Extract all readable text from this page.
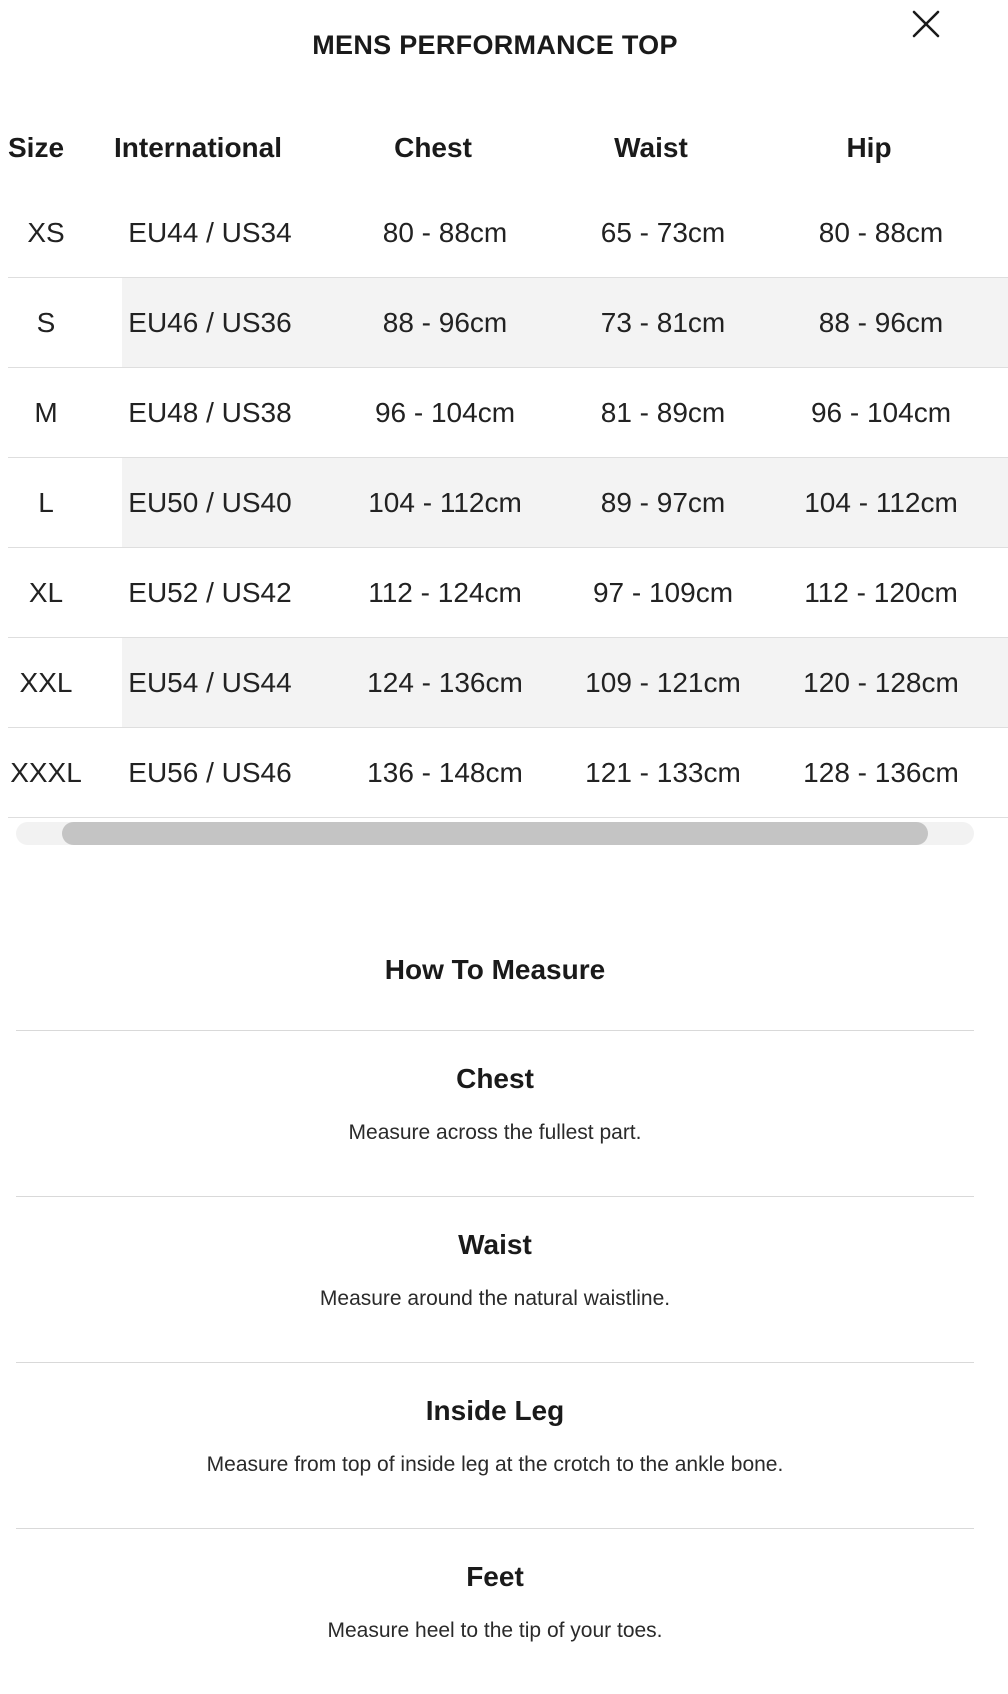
MENS PERFORMANCE TOP
Size	International	Chest	Waist	Hip
XS	EU44 / US34	80 - 88cm	65 - 73cm	80 - 88cm
S	EU46 / US36	88 - 96cm	73 - 81cm	88 - 96cm
M	EU48 / US38	96 - 104cm	81 - 89cm	96 - 104cm
L	EU50 / US40	104 - 112cm	89 - 97cm	104 - 112cm
XL	EU52 / US42	112 - 124cm	97 - 109cm	112 - 120cm
XXL	EU54 / US44	124 - 136cm	109 - 121cm	120 - 128cm
XXXL	EU56 / US46	136 - 148cm	121 - 133cm	128 - 136cm
How To Measure
Chest
Measure across the fullest part.
Waist
Measure around the natural waistline.
Inside Leg
Measure from top of inside leg at the crotch to the ankle bone.
Feet
Measure heel to the tip of your toes.
